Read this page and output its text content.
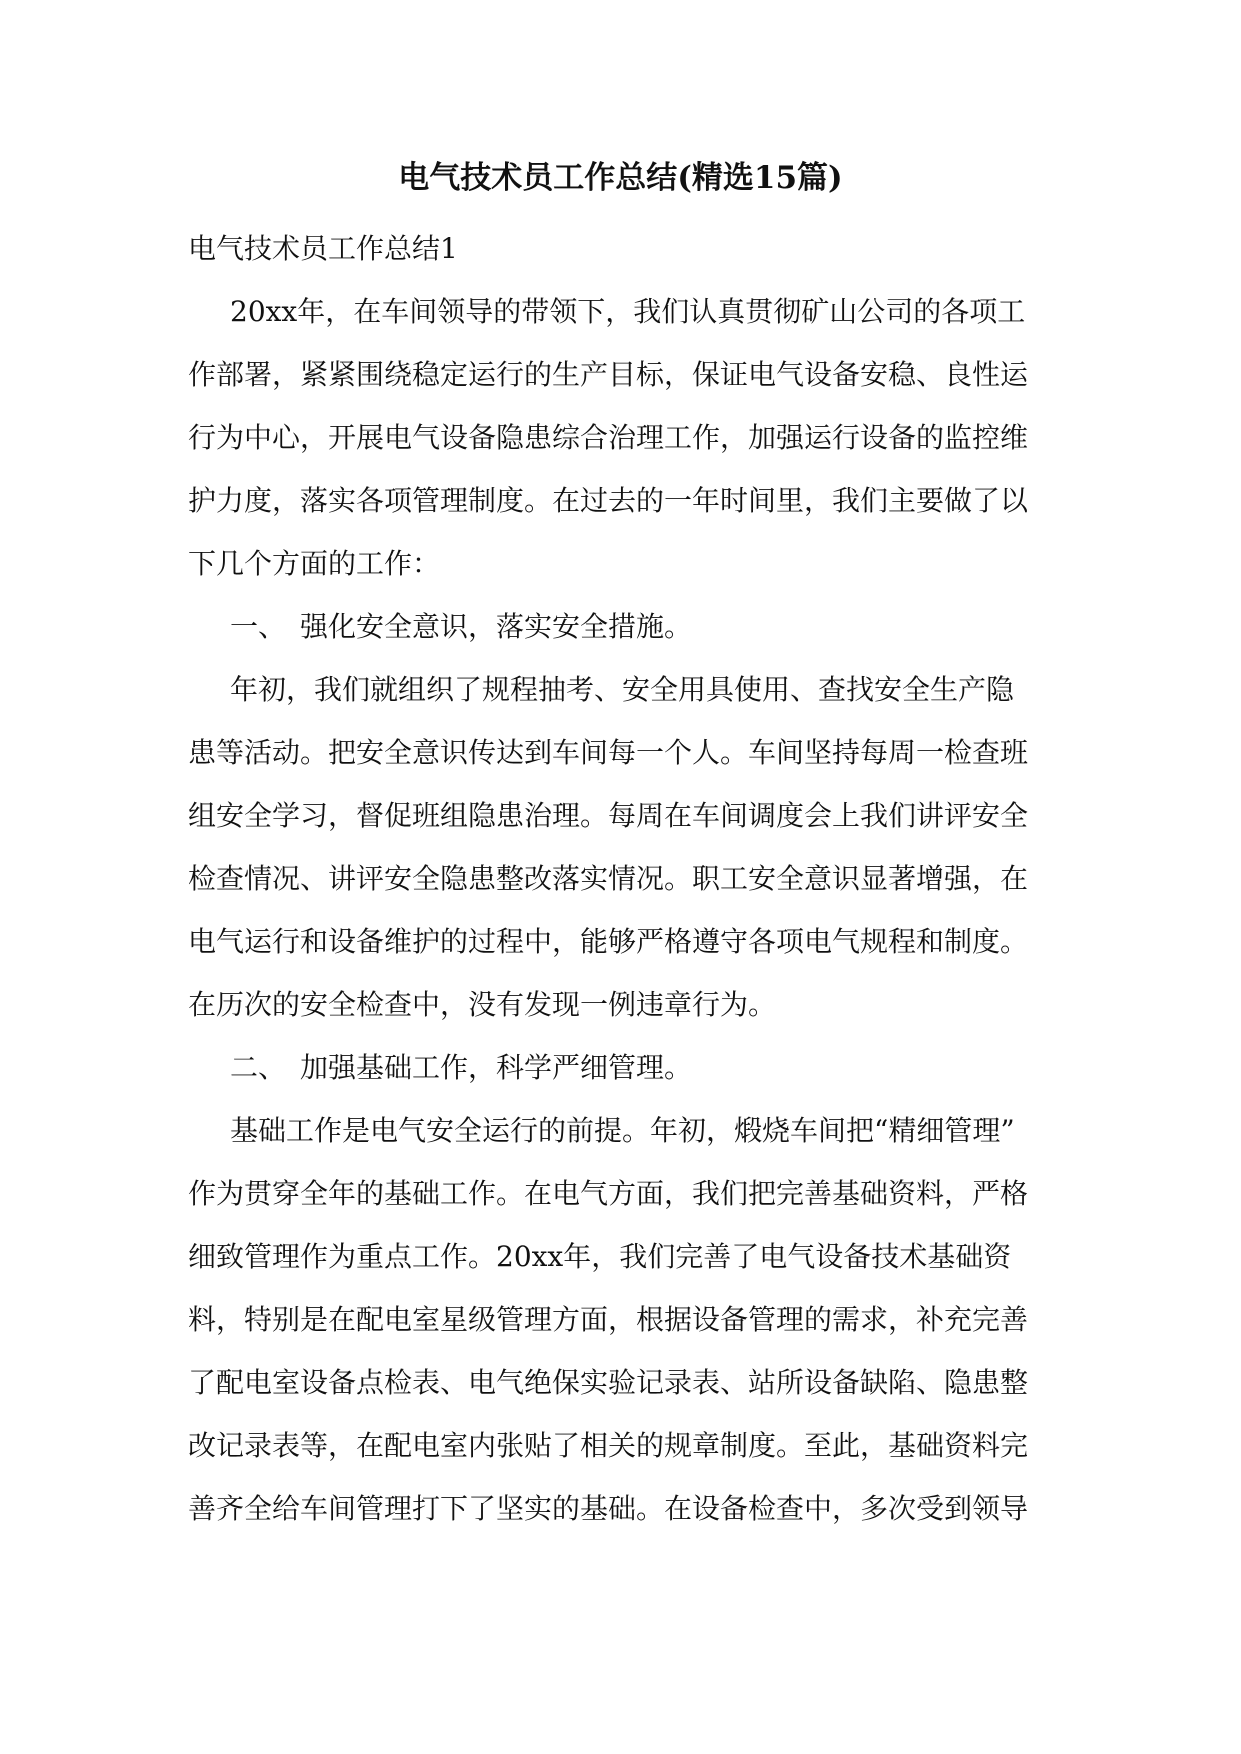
电气技术员工作总结(精选15篇)
电气技术员工作总结1
20xx年，在车间领导的带领下，我们认真贯彻矿山公司的各项工
作部署，紧紧围绕稳定运行的生产目标，保证电气设备安稳、良性运
行为中心，开展电气设备隐患综合治理工作，加强运行设备的监控维
护力度，落实各项管理制度。在过去的一年时间里，我们主要做了以
下几个方面的工作：
一、　强化安全意识，落实安全措施。
年初，我们就组织了规程抽考、安全用具使用、查找安全生产隐
患等活动。把安全意识传达到车间每一个人。车间坚持每周一检查班
组安全学习，督促班组隐患治理。每周在车间调度会上我们讲评安全
检查情况、讲评安全隐患整改落实情况。职工安全意识显著增强，在
电气运行和设备维护的过程中，能够严格遵守各项电气规程和制度。
在历次的安全检查中，没有发现一例违章行为。
二、　加强基础工作，科学严细管理。
基础工作是电气安全运行的前提。年初，煅烧车间把“精细管理”
作为贯穿全年的基础工作。在电气方面，我们把完善基础资料，严格
细致管理作为重点工作。20xx年，我们完善了电气设备技术基础资
料，特别是在配电室星级管理方面，根据设备管理的需求，补充完善
了配电室设备点检表、电气绝保实验记录表、站所设备缺陷、隐患整
改记录表等，在配电室内张贴了相关的规章制度。至此，基础资料完
善齐全给车间管理打下了坚实的基础。在设备检查中，多次受到领导
